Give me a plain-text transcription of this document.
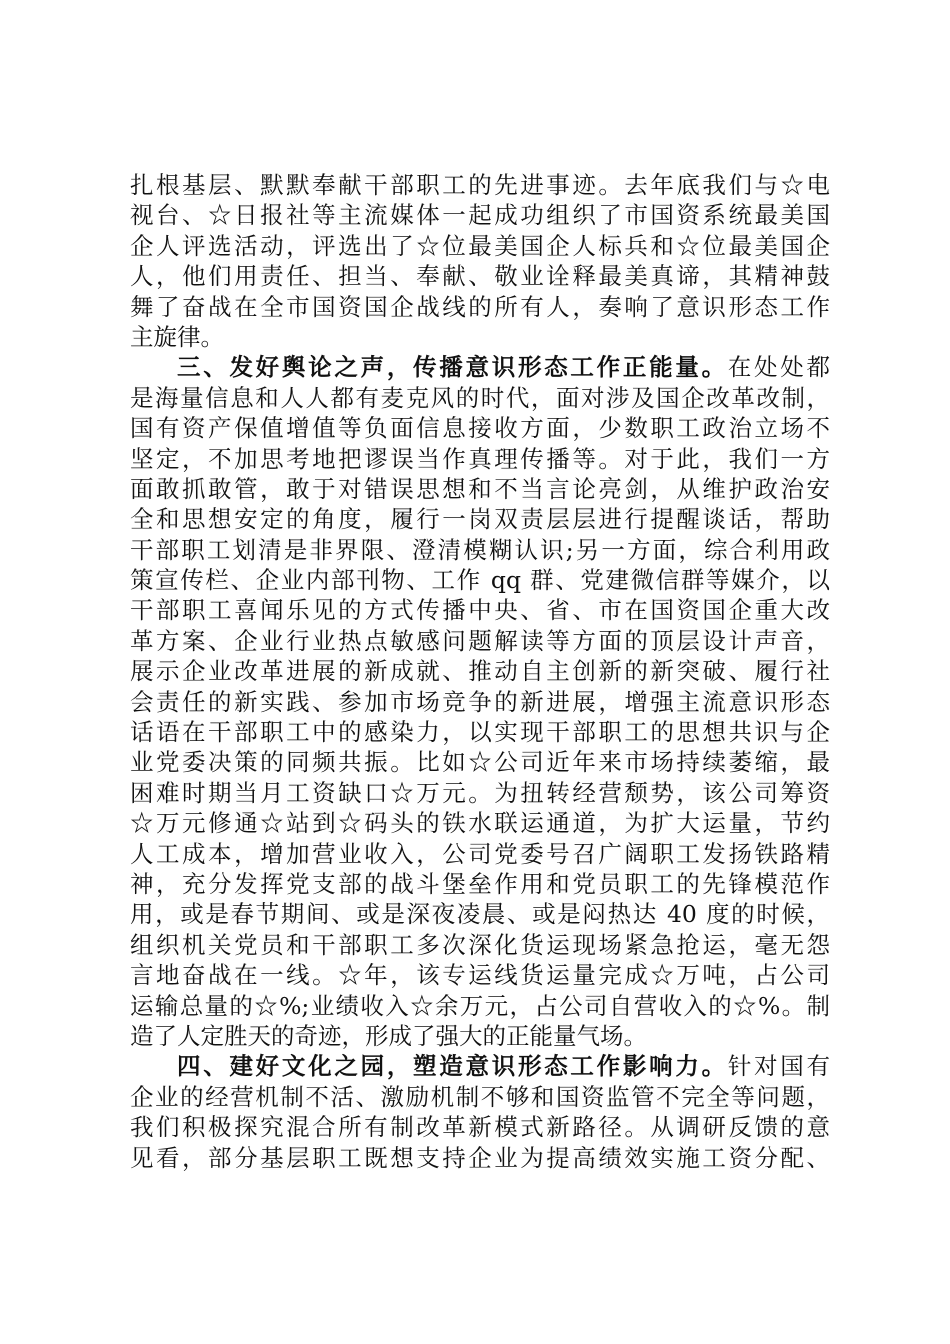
扎根基层、默默奉献干部职工的先进事迹。去年底我们与☆电
视台、☆日报社等主流媒体一起成功组织了市国资系统最美国
企人评选活动，评选出了☆位最美国企人标兵和☆位最美国企
人，他们用责任、担当、奉献、敬业诠释最美真谛，其精神鼓
舞了奋战在全市国资国企战线的所有人，奏响了意识形态工作
主旋律。
三、发好舆论之声，传播意识形态工作正能量。在处处都
是海量信息和人人都有麦克风的时代，面对涉及国企改革改制，
国有资产保值增值等负面信息接收方面，少数职工政治立场不
坚定，不加思考地把谬误当作真理传播等。对于此，我们一方
面敢抓敢管，敢于对错误思想和不当言论亮剑，从维护政治安
全和思想安定的角度，履行一岗双责层层进行提醒谈话，帮助
干部职工划清是非界限、澄清模糊认识;另一方面，综合利用政
策宣传栏、企业内部刊物、工作 qq 群、党建微信群等媒介，以
干部职工喜闻乐见的方式传播中央、省、市在国资国企重大改
革方案、企业行业热点敏感问题解读等方面的顶层设计声音，
展示企业改革进展的新成就、推动自主创新的新突破、履行社
会责任的新实践、参加市场竞争的新进展，增强主流意识形态
话语在干部职工中的感染力，以实现干部职工的思想共识与企
业党委决策的同频共振。比如☆公司近年来市场持续萎缩，最
困难时期当月工资缺口☆万元。为扭转经营颓势，该公司筹资
☆万元修通☆站到☆码头的铁水联运通道，为扩大运量，节约
人工成本，增加营业收入，公司党委号召广阔职工发扬铁路精
神，充分发挥党支部的战斗堡垒作用和党员职工的先锋模范作
用，或是春节期间、或是深夜凌晨、或是闷热达 40 度的时候，
组织机关党员和干部职工多次深化货运现场紧急抢运，毫无怨
言地奋战在一线。☆年，该专运线货运量完成☆万吨，占公司
运输总量的☆%;业绩收入☆余万元，占公司自营收入的☆%。制
造了人定胜天的奇迹，形成了强大的正能量气场。
四、建好文化之园，塑造意识形态工作影响力。针对国有
企业的经营机制不活、激励机制不够和国资监管不完全等问题，
我们积极探究混合所有制改革新模式新路径。从调研反馈的意
见看，部分基层职工既想支持企业为提高绩效实施工资分配、
